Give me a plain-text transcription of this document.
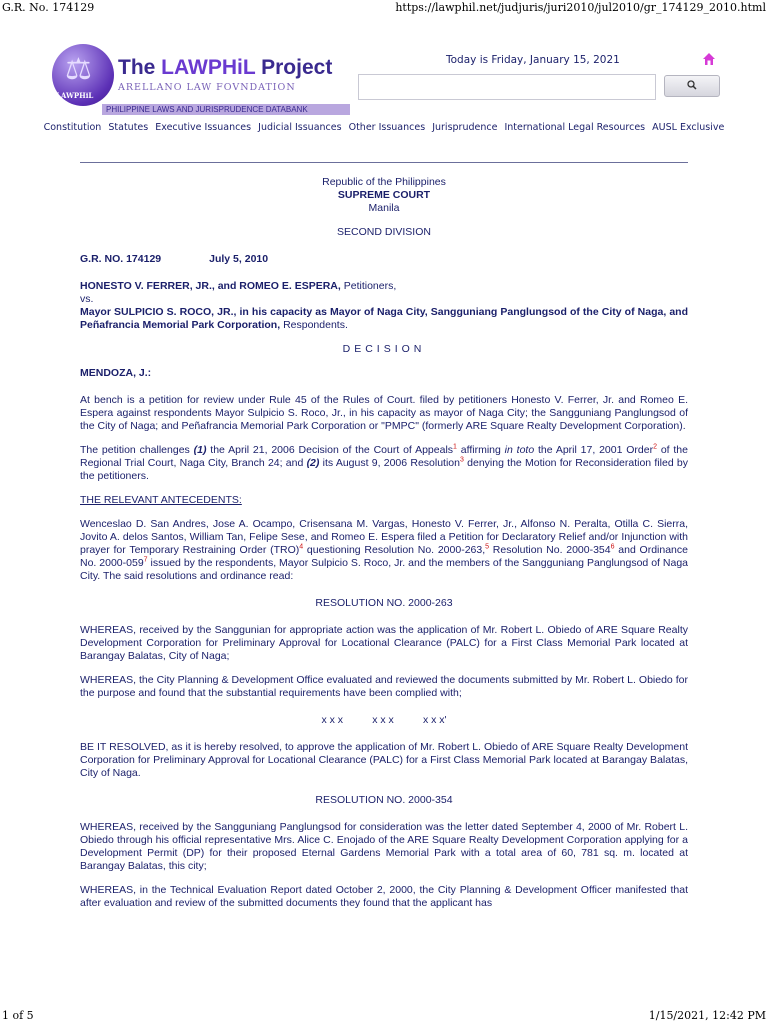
G.R. No. 174129	https://lawphil.net/judjuris/juri2010/jul2010/gr_174129_2010.html
⚖
LAWPHiL
The LAWPHiL Project
ARELLANO LAW FOVNDATION
PHILIPPINE LAWS AND JURISPRUDENCE DATABANK
Today is Friday, January 15, 2021
Constitution Statutes Executive Issuances Judicial Issuances Other Issuances Jurisprudence International Legal Resources AUSL Exclusive

Republic of the Philippines

SUPREME COURT

Manila

SECOND DIVISION

G.R. NO. 174129	July 5, 2010

HONESTO V. FERRER, JR., and ROMEO E. ESPERA, Petitioners,

vs.

Mayor SULPICIO S. ROCO, JR., in his capacity as Mayor of Naga City, Sangguniang Panglungsod of the City of Naga, and Peñafrancia Memorial Park Corporation, Respondents.

DECISION

MENDOZA, J.:

At bench is a petition for review under Rule 45 of the Rules of Court. filed by petitioners Honesto V. Ferrer, Jr. and Romeo E. Espera against respondents Mayor Sulpicio S. Roco, Jr., in his capacity as mayor of Naga City; the Sangguniang Panglungsod of the City of Naga; and Peñafrancia Memorial Park Corporation or "PMPC" (formerly ARE Square Realty Development Corporation).

The petition challenges (1) the April 21, 2006 Decision of the Court of Appeals$^1$ affirming in toto the April 17, 2001 Order$^2$ of the Regional Trial Court, Naga City, Branch 24; and (2) its August 9, 2006 Resolution$^3$ denying the Motion for Reconsideration filed by the petitioners.

THE RELEVANT ANTECEDENTS:

Wenceslao D. San Andres, Jose A. Ocampo, Crisensana M. Vargas, Honesto V. Ferrer, Jr., Alfonso N. Peralta, Otilla C. Sierra, Jovito A. delos Santos, William Tan, Felipe Sese, and Romeo E. Espera filed a Petition for Declaratory Relief and/or Injunction with prayer for Temporary Restraining Order (TRO)$^4$ questioning Resolution No. 2000-263,$^5$ Resolution No. $2000-354^6$ and Ordinance No. $2000-059^7$ issued by the respondents, Mayor Sulpicio S. Roco, Jr. and the members of the Sangguniang Panglungsod of Naga City. The said resolutions and ordinance read:

RESOLUTION NO. 2000-263

WHEREAS, received by the Sanggunian for appropriate action was the application of Mr. Robert L. Obiedo of ARE Square Realty Development Corporation for Preliminary Approval for Locational Clearance (PALC) for a First Class Memorial Park located at Barangay Balatas, City of Naga;

WHEREAS, the City Planning & Development Office evaluated and reviewed the documents submitted by Mr. Robert L. Obiedo for the purpose and found that the substantial requirements have been complied with;

x x x          x x x          x x x'

BE IT RESOLVED, as it is hereby resolved, to approve the application of Mr. Robert L. Obiedo of ARE Square Realty Development Corporation for Preliminary Approval for Locational Clearance (PALC) for a First Class Memorial Park located at Barangay Balatas, City of Naga.

RESOLUTION NO. 2000-354

WHEREAS, received by the Sangguniang Panglungsod for consideration was the letter dated September 4, 2000 of Mr. Robert L. Obiedo through his official representative Mrs. Alice C. Enojado of the ARE Square Realty Development Corporation applying for a Development Permit (DP) for their proposed Eternal Gardens Memorial Park with a total area of 60, 781 sq. m. located at Barangay Balatas, this city;

WHEREAS, in the Technical Evaluation Report dated October 2, 2000, the City Planning & Development Officer manifested that after evaluation and review of the submitted documents they found that the applicant has

1 of 5	1/15/2021, 12:42 PM
